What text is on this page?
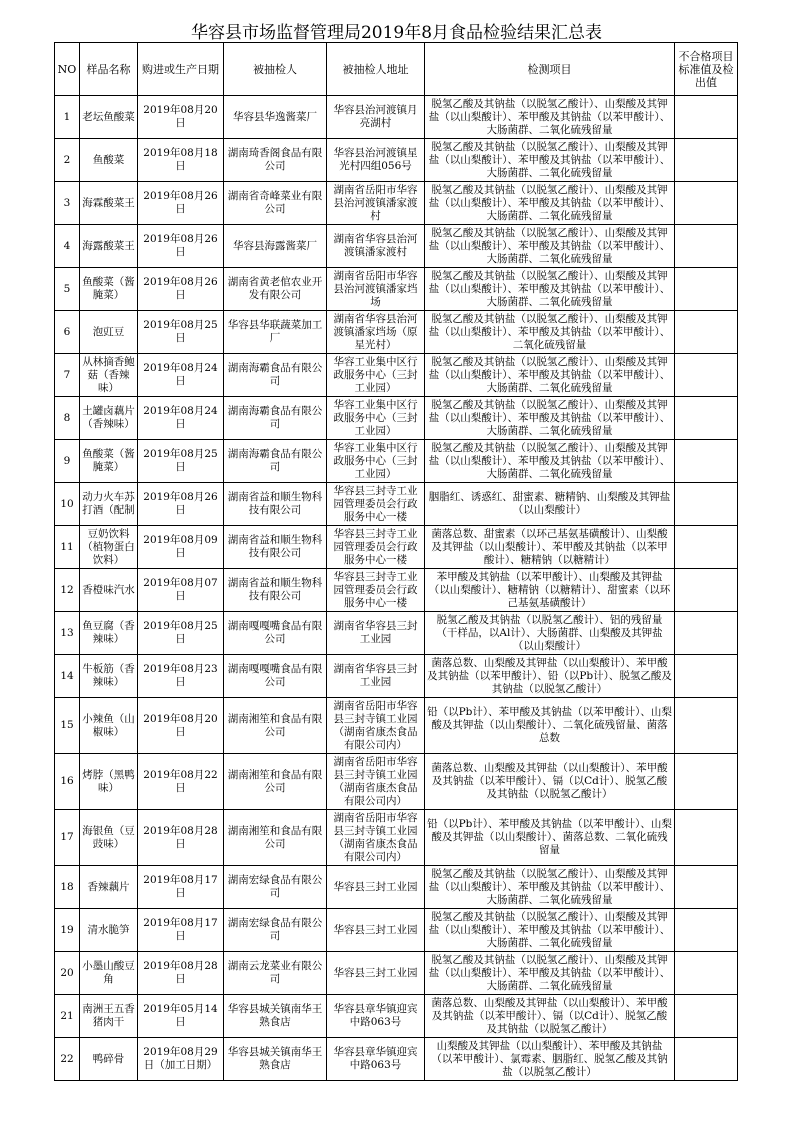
华容县市场监督管理局2019年8月食品检验结果汇总表
NO	样品名称	购进或生产日期	被抽检人	被抽检人地址	检测项目	不合格项目标准值及检出值
1	老坛鱼酸菜	2019年08月20日	华容县华逸酱菜厂	华容县治河渡镇月亮湖村	脱氢乙酸及其钠盐（以脱氢乙酸计）、山梨酸及其钾盐（以山梨酸计）、苯甲酸及其钠盐（以苯甲酸计）、大肠菌群、二氧化硫残留量	
2	鱼酸菜	2019年08月18日	湖南琦香阁食品有限公司	华容县治河渡镇星光村四组056号	脱氢乙酸及其钠盐（以脱氢乙酸计）、山梨酸及其钾盐（以山梨酸计）、苯甲酸及其钠盐（以苯甲酸计）、大肠菌群、二氧化硫残留量	
3	海霖酸菜王	2019年08月26日	湖南省奇峰菜业有限公司	湖南省岳阳市华容县治河渡镇潘家渡村	脱氢乙酸及其钠盐（以脱氢乙酸计）、山梨酸及其钾盐（以山梨酸计）、苯甲酸及其钠盐（以苯甲酸计）、大肠菌群、二氧化硫残留量	
4	海露酸菜王	2019年08月26日	华容县海露酱菜厂	湖南省华容县治河渡镇潘家渡村	脱氢乙酸及其钠盐（以脱氢乙酸计）、山梨酸及其钾盐（以山梨酸计）、苯甲酸及其钠盐（以苯甲酸计）、大肠菌群、二氧化硫残留量	
5	鱼酸菜（酱腌菜）	2019年08月26日	湖南省黄老倌农业开发有限公司	湖南省岳阳市华容县治河渡镇潘家垱场	脱氢乙酸及其钠盐（以脱氢乙酸计）、山梨酸及其钾盐（以山梨酸计）、苯甲酸及其钠盐（以苯甲酸计）、大肠菌群、二氧化硫残留量	
6	泡豇豆	2019年08月25日	华容县华联蔬菜加工厂	湖南省华容县治河渡镇潘家垱场（原星光村）	脱氢乙酸及其钠盐（以脱氢乙酸计）、山梨酸及其钾盐（以山梨酸计）、苯甲酸及其钠盐（以苯甲酸计）、二氧化硫残留量	
7	从林摘香鲍菇（香辣味）	2019年08月24日	湖南海霸食品有限公司	华容工业集中区行政服务中心（三封工业园）	脱氢乙酸及其钠盐（以脱氢乙酸计）、山梨酸及其钾盐（以山梨酸计）、苯甲酸及其钠盐（以苯甲酸计）、大肠菌群、二氧化硫残留量	
8	土罐卤藕片（香辣味）	2019年08月24日	湖南海霸食品有限公司	华容工业集中区行政服务中心（三封工业园）	脱氢乙酸及其钠盐（以脱氢乙酸计）、山梨酸及其钾盐（以山梨酸计）、苯甲酸及其钠盐（以苯甲酸计）、大肠菌群、二氧化硫残留量	
9	鱼酸菜（酱腌菜）	2019年08月25日	湖南海霸食品有限公司	华容工业集中区行政服务中心（三封工业园）	脱氢乙酸及其钠盐（以脱氢乙酸计）、山梨酸及其钾盐（以山梨酸计）、苯甲酸及其钠盐（以苯甲酸计）、大肠菌群、二氧化硫残留量	
10	动力火车苏打酒（配制	2019年08月26日	湖南省益和顺生物科技有限公司	华容县三封寺工业园管理委员会行政服务中心一楼	胭脂红、诱惑红、甜蜜素、糖精钠、山梨酸及其钾盐（以山梨酸计）	
11	豆奶饮料（植物蛋白饮料）	2019年08月09日	湖南省益和顺生物科技有限公司	华容县三封寺工业园管理委员会行政服务中心一楼	菌落总数、甜蜜素（以环己基氨基磺酸计）、山梨酸及其钾盐（以山梨酸计）、苯甲酸及其钠盐（以苯甲酸计）、糖精钠（以糖精计）	
12	香橙味汽水	2019年08月07日	湖南省益和顺生物科技有限公司	华容县三封寺工业园管理委员会行政服务中心一楼	苯甲酸及其钠盐（以苯甲酸计）、山梨酸及其钾盐（以山梨酸计）、糖精钠（以糖精计）、甜蜜素（以环己基氨基磺酸计）	
13	鱼豆腐（香辣味）	2019年08月25日	湖南嘎嘎嘴食品有限公司	湖南省华容县三封工业园	脱氢乙酸及其钠盐（以脱氢乙酸计）、铝的残留量（干样品，以Al计）、大肠菌群、山梨酸及其钾盐（以山梨酸计）	
14	牛板筋（香辣味）	2019年08月23日	湖南嘎嘎嘴食品有限公司	湖南省华容县三封工业园	菌落总数、山梨酸及其钾盐（以山梨酸计）、苯甲酸及其钠盐（以苯甲酸计）、铅（以Pb计）、脱氢乙酸及其钠盐（以脱氢乙酸计）	
15	小辣鱼（山椒味）	2019年08月20日	湖南湘笙和食品有限公司	湖南省岳阳市华容县三封寺镇工业园（湖南省康杰食品有限公司内）	铅（以Pb计）、苯甲酸及其钠盐（以苯甲酸计）、山梨酸及其钾盐（以山梨酸计）、二氧化硫残留量、菌落总数	
16	烤脖（黑鸭味）	2019年08月22日	湖南湘笙和食品有限公司	湖南省岳阳市华容县三封寺镇工业园（湖南省康杰食品有限公司内）	菌落总数、山梨酸及其钾盐（以山梨酸计）、苯甲酸及其钠盐（以苯甲酸计）、镉（以Cd计）、脱氢乙酸及其钠盐（以脱氢乙酸计）	
17	海银鱼（豆豉味）	2019年08月28日	湖南湘笙和食品有限公司	湖南省岳阳市华容县三封寺镇工业园（湖南省康杰食品有限公司内）	铅（以Pb计）、苯甲酸及其钠盐（以苯甲酸计）、山梨酸及其钾盐（以山梨酸计）、菌落总数、二氧化硫残留量	
18	香辣藕片	2019年08月17日	湖南宏绿食品有限公司	华容县三封工业园	脱氢乙酸及其钠盐（以脱氢乙酸计）、山梨酸及其钾盐（以山梨酸计）、苯甲酸及其钠盐（以苯甲酸计）、大肠菌群、二氧化硫残留量	
19	清水脆笋	2019年08月17日	湖南宏绿食品有限公司	华容县三封工业园	脱氢乙酸及其钠盐（以脱氢乙酸计）、山梨酸及其钾盐（以山梨酸计）、苯甲酸及其钠盐（以苯甲酸计）、大肠菌群、二氧化硫残留量	
20	小墨山酸豆角	2019年08月28日	湖南云龙菜业有限公司	华容县三封工业园	脱氢乙酸及其钠盐（以脱氢乙酸计）、山梨酸及其钾盐（以山梨酸计）、苯甲酸及其钠盐（以苯甲酸计）、大肠菌群、二氧化硫残留量	
21	南洲王五香猪肉干	2019年05月14日	华容县城关镇南华王熟食店	华容县章华镇迎宾中路063号	菌落总数、山梨酸及其钾盐（以山梨酸计）、苯甲酸及其钠盐（以苯甲酸计）、镉（以Cd计）、脱氢乙酸及其钠盐（以脱氢乙酸计）	
22	鸭碎骨	2019年08月29日（加工日期）	华容县城关镇南华王熟食店	华容县章华镇迎宾中路063号	山梨酸及其钾盐（以山梨酸计）、苯甲酸及其钠盐（以苯甲酸计）、氯霉素、胭脂红、脱氢乙酸及其钠盐（以脱氢乙酸计）	
